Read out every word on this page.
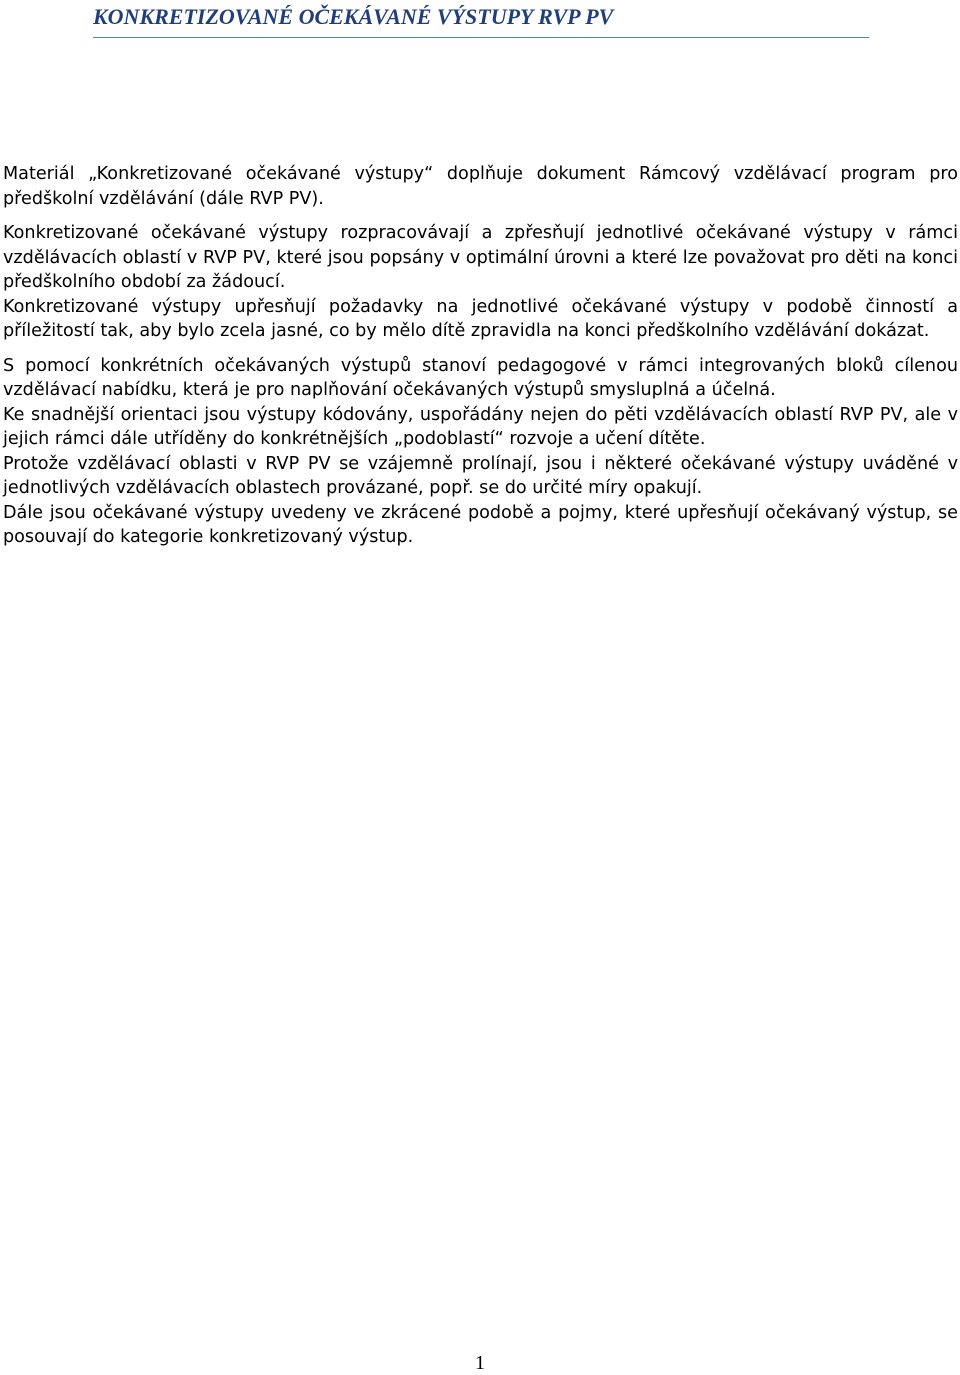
KONKRETIZOVANÉ OČEKÁVANÉ VÝSTUPY RVP PV

Materiál „Konkretizované očekávané výstupy“ doplňuje dokument Rámcový vzdělávací program pro předškolní vzdělávání (dále RVP PV).

Konkretizované očekávané výstupy rozpracovávají a zpřesňují jednotlivé očekávané výstupy v rámci vzdělávacích oblastí v RVP PV, které jsou popsány v optimální úrovni a které lze považovat pro děti na konci předškolního období za žádoucí.

Konkretizované výstupy upřesňují požadavky na jednotlivé očekávané výstupy v podobě činností a příležitostí tak, aby bylo zcela jasné, co by mělo dítě zpravidla na konci předškolního vzdělávání dokázat.

S pomocí konkrétních očekávaných výstupů stanoví pedagogové v rámci integrovaných bloků cílenou vzdělávací nabídku, která je pro naplňování očekávaných výstupů smysluplná a účelná.

Ke snadnější orientaci jsou výstupy kódovány, uspořádány nejen do pěti vzdělávacích oblastí RVP PV, ale v jejich rámci dále utříděny do konkrétnějších „podoblastí“ rozvoje a učení dítěte.

Protože vzdělávací oblasti v RVP PV se vzájemně prolínají, jsou i některé očekávané výstupy uváděné v jednotlivých vzdělávacích oblastech provázané, popř. se do určité míry opakují.

Dále jsou očekávané výstupy uvedeny ve zkrácené podobě a pojmy, které upřesňují očekávaný výstup, se posouvají do kategorie konkretizovaný výstup.

1
